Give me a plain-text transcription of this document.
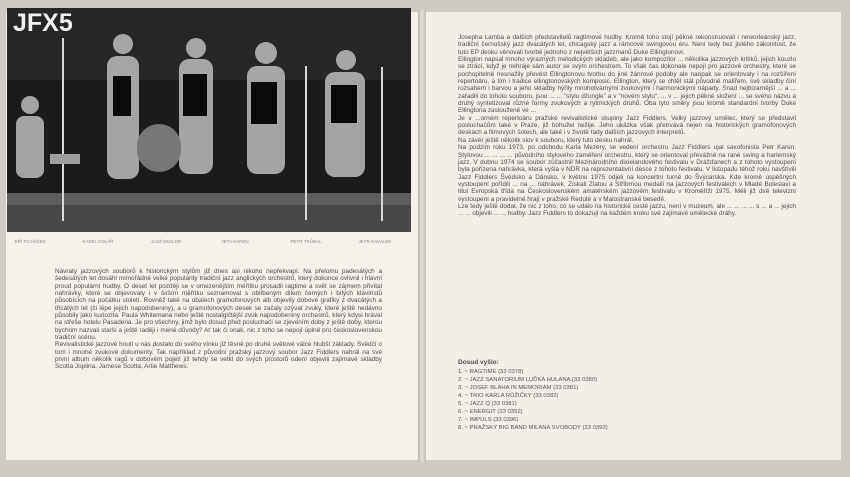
JFX5
JIŘÍ TICHÁČEK	KAREL KOLÁŘ	JAZŽ SKOLER	JETA KAREN	PETR TRŮBÁL	JETR KAVÁLEK
Návraty jazzových souborů k historickým stylům již dnes asi nikoho nepřekvapí. Na přelomu padesátých a šedesátých let dosáhl mimořádné velké popularity tradiční jazz anglických orchestrů, který dokonce ovlivnil i hlavní proud populární hudby. O deset let později se v omezenějším měřítku prosadil ragtime a svět se zájmem přivítal nahrávky, které se objevovaly i v širším měřítku seznamoval s oblíbeným dílem černých i bílých klavíristů působících na počátku století. Rovněž také na obalech gramofonových alb objevily dobové grafiky z dvacátých a třicátých let (či lépe jejich napodobeniny), a u gramofonových desek se začaly ozývat zvuky, které ještě nedávno působily jako kuriozita. Paula Whitemana nebo ještě nostalgičtější zvuk napodobeniny orchestrů, který kdysi hrával na střeše hotelu Pasadena. Je pro všechny, jimž bylo dosud před posluchači se zjevením doby z ještě doby, kterou bychom nazvali starší a ještě raději i méně důvody? Ať tak či onak, nic z toho se nepojí úplně pro československou tradiční scénu.
Revivalistické jazzové hnutí u nás dostalo do svého vínku již těsně po druhé světové válce hlubší základy. Svědčí o tom i mnohé zvukové dokumenty. Tak například z původní pražský jazzový soubor Jazz Fiddlers nahrál na své první album několik ragů v dobovém pojetí již tehdy se vetkl do svých prostorů odení objevili zajímavé skladby Scotta Joplina, Jamese Scotta, Artie Matthews.
Josepha Lamba a dalších představitelů ragtimové hudby. Kromě toho stojí pěkné rekonstruovali i neworleánský jazz, tradiční černošský jazz dvacátých let, chicagský jazz a rámcově swingovou éru. Není tedy bez jistého zákonitost, že tuto EP desku věnovali tvorbě jednoho z největších jazzmanů Duke Ellingtonovi.
Ellington napsal mnoho výrazných melodických skladeb, ale jako kompozitor ... několika jazzových kritiků, jejich kouzlo se ztrácí, když je nehraje sám autor se svým orchestrem. To však čas dokonale nepojí pro jazzové orchestry, které se pochopitelně nesnažily převést Ellingtonovu tvorbu do jiné žánrové podoby ale naopak se orientovaly i na rozšíření repertoáru, a tím i tradice ellingtonovských komposic. Ellington, který se chtěl stát původně malířem, své skladby činí rozsahem i barvou a jeho skladby hýřily mnohotvárnými zvukovými i harmonickými nápady. Snad nejbizarnější ... a ... zařadili do tohoto souboru, jsou ... ... "stylu džungle" a v "novém stylu", ... v ... jejich pěkné složení ... se svého názvu a druhý syntetizoval různé formy zvukových a rytmických druhů. Oba tyto směry jsou kromě standardní tvorby Duke Ellingtona zaslouženě ve ...
Je v ...orném repertoáru pražské revivalistické skupiny Jazz Fiddlers. Velký jazzový umělec, který se představil posluchačům také v Praze, již bohužel nežije. Jeho ukázka však přetrvává nejen na historických gramofonových deskách a filmových šotech, ale také i v životě řady dalších jazzových interpretů.
Na závěr ještě několik slov k souboru, který tuto desku nahrál.
Na podzim roku 1973, po odchodu Karla Mezery, se vedení orchestru Jazz Fiddlers ujal saxofonista Petr Karen. Stylovou ... ... ... ... původního stylového zaměření orchestru, který se orientoval převážně na rané swing a harlemský jazz. V dubnu 1974 se soubor zúčastnil Mezinárodního dixielandového festivalu v Drážďanech a z tohoto vystoupení byla pořízena nahrávka, která vyšla v NDR na reprezentativní desce z tohoto festivalu. V listopadu téhož roku navštívili Jazz Fiddlers Švédsko a Dánsko, v květnu 1975 odjeli na koncertní turné do Švýcarska. Kde kromě úspěšných vystoupení pořídili ... na ... nahrávek. Získali Zlatou a Stříbrnou medaili na jazzových festivalech v Mladé Boleslavi a titul Evropská třída na Československém amatérském jazzovém festivalu v Kroměříži 1975. Měli již dvě televizní vystoupení a pravidelně hrají v pražské Reduté a v Malostranské besedě.
Lze tedy ještě dodat, že nic z toho, co se událo na historické cestě jazzu, není v muzeum, ale ... ... ... ... s ... a ... jejich ... ... objevili ... ... hudby. Jazz Fiddlers to dokazují na každém kroku své zajímavé umělecké dráhy.
Dosud vyšlo:
1. ~ RAGTIME (33 0378)
2. ~ JAZZ SANATORIUM LUĎKA HULANA (33 0380)
3. ~ JOSEF BLAHA IN MEMORIAM (33 0381)
4. ~ TRIO KARLA RŮŽIČKY (33 0382)
5. ~ JAZZ Q (33 0381)
6. ~ ENERGIT (33 0392)
7. ~ IMPULS (33 0396)
8. ~ PRAŽSKÝ BIG BAND MILANA SVOBODY (33 0393)
